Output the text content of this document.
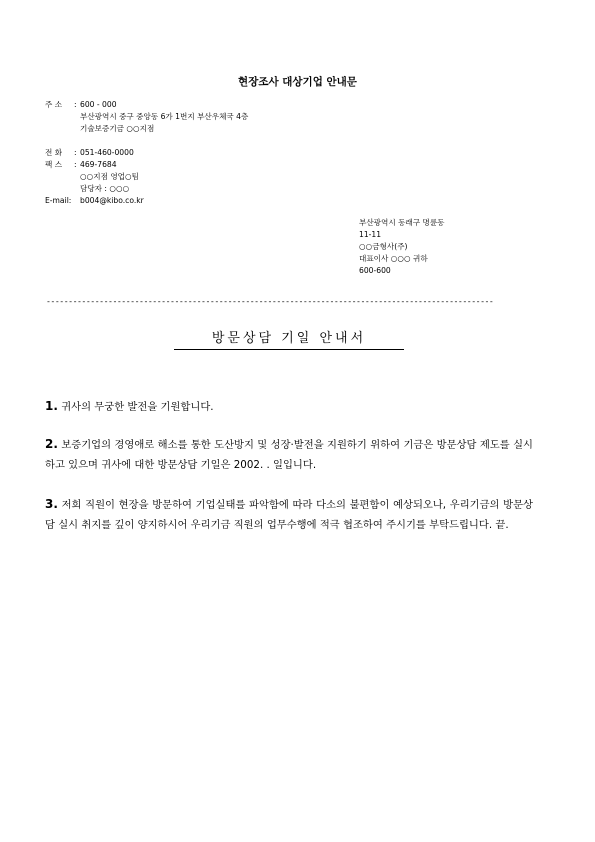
현장조사 대상기업 안내문
주 소 : 600 - 000
부산광역시 중구 중앙동 6가 1번지 부산우체국 4층
기술보증기금 ○○지점
전 화 : 051-460-0000
팩 스 : 469-7684
○○지점 영업○팀
담당자 : ○○○
E-mail: b004@kibo.co.kr
부산광역시 동래구 명륜동
11-11
○○금형사(주)
대표이사 ○○○ 귀하
600-600
-----------------------------------------------------------------------------------------------------
방문상담 기일 안내서
1. 귀사의 무궁한 발전을 기원합니다.
2. 보증기업의 경영애로 해소를 통한 도산방지 및 성장·발전을 지원하기 위하여 기금은 방문상담 제도를 실시하고 있으며 귀사에 대한 방문상담 기일은 2002. . 일입니다.
3. 저희 직원이 현장을 방문하여 기업실태를 파악함에 따라 다소의 불편함이 예상되오나, 우리기금의 방문상담 실시 취지를 깊이 양지하시어 우리기금 직원의 업무수행에 적극 협조하여 주시기를 부탁드립니다. 끝.
